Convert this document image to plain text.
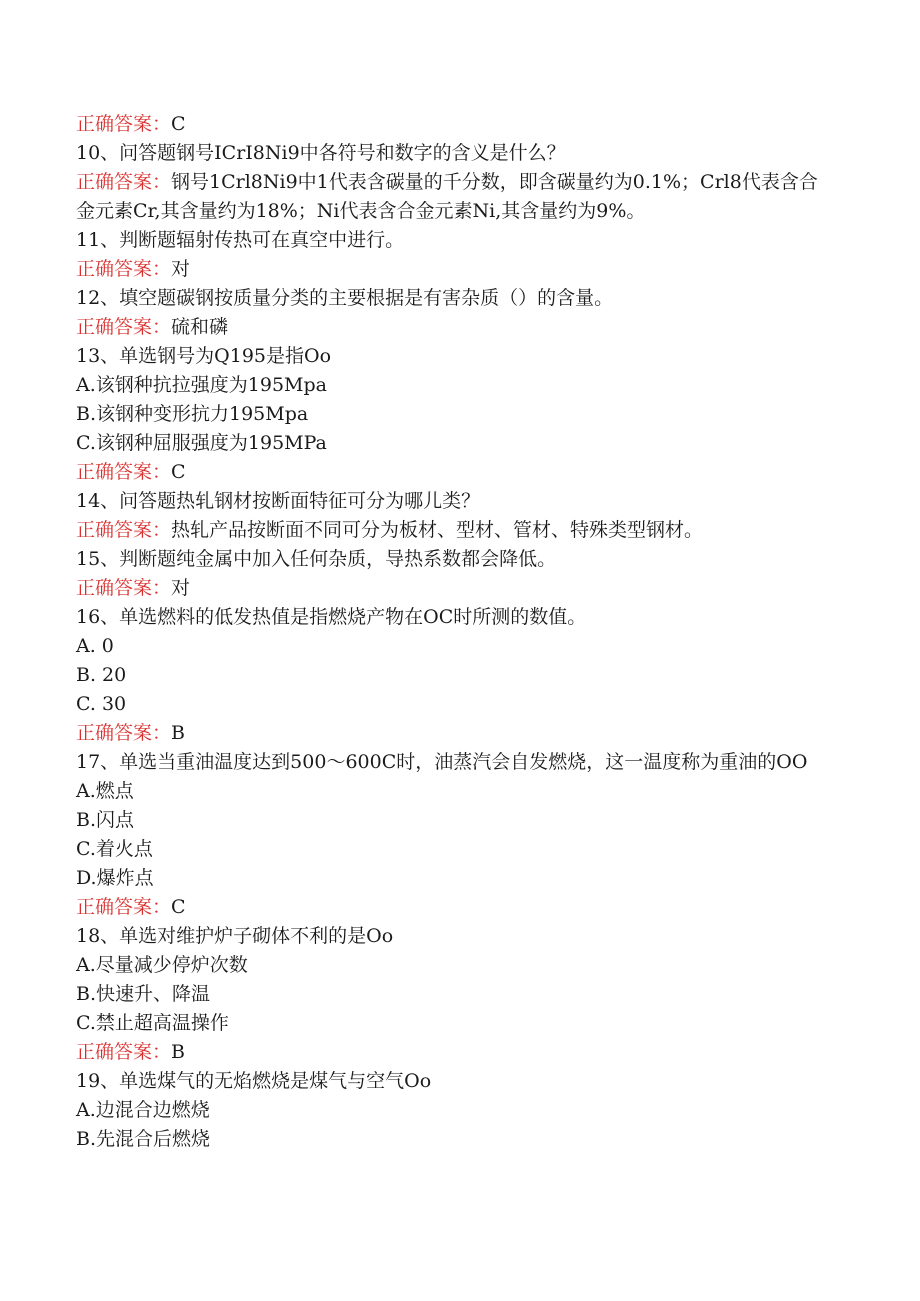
正确答案：C
10、问答题钢号ICrI8Ni9中各符号和数字的含义是什么？
正确答案：钢号1Crl8Ni9中1代表含碳量的千分数，即含碳量约为0.1%；Crl8代表含合金元素Cr,其含量约为18%；Ni代表含合金元素Ni,其含量约为9%。
11、判断题辐射传热可在真空中进行。
正确答案：对
12、填空题碳钢按质量分类的主要根据是有害杂质（）的含量。
正确答案：硫和磷
13、单选钢号为Q195是指Oo
A.该钢种抗拉强度为195Mpa
B.该钢种变形抗力195Mpa
C.该钢种屈服强度为195MPa
正确答案：C
14、问答题热轧钢材按断面特征可分为哪儿类？
正确答案：热轧产品按断面不同可分为板材、型材、管材、特殊类型钢材。
15、判断题纯金属中加入任何杂质，导热系数都会降低。
正确答案：对
16、单选燃料的低发热值是指燃烧产物在OC时所测的数值。
A. 0
B. 20
C. 30
正确答案：B
17、单选当重油温度达到500～600C时，油蒸汽会自发燃烧，这一温度称为重油的OO
A.燃点
B.闪点
C.着火点
D.爆炸点
正确答案：C
18、单选对维护炉子砌体不利的是Oo
A.尽量减少停炉次数
B.快速升、降温
C.禁止超高温操作
正确答案：B
19、单选煤气的无焰燃烧是煤气与空气Oo
A.边混合边燃烧
B.先混合后燃烧
